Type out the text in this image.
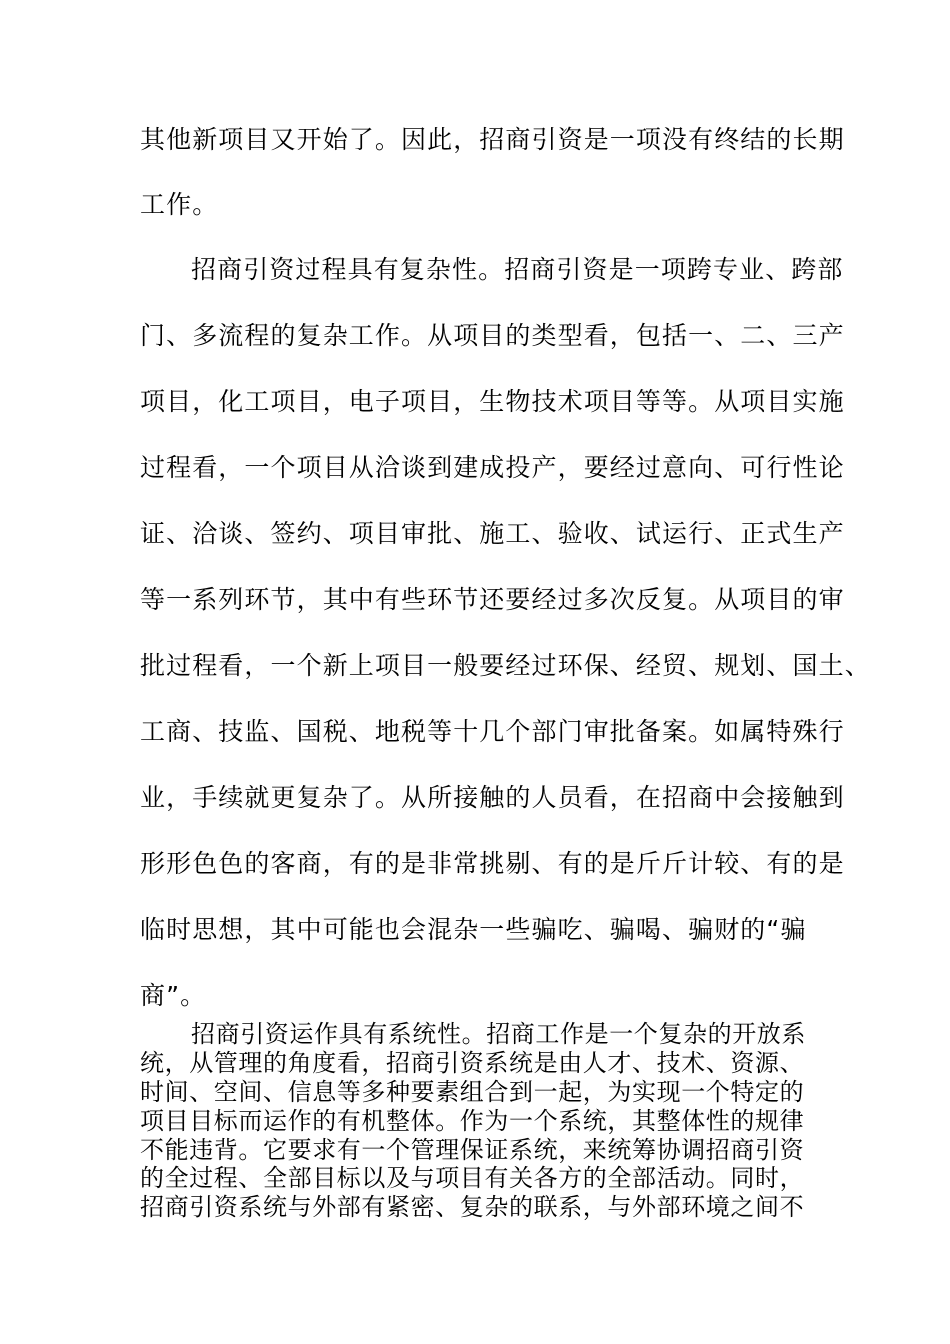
其他新项目又开始了。因此，招商引资是一项没有终结的长期
工作。
招商引资过程具有复杂性。招商引资是一项跨专业、跨部
门、多流程的复杂工作。从项目的类型看，包括一、二、三产
项目，化工项目，电子项目，生物技术项目等等。从项目实施
过程看，一个项目从洽谈到建成投产，要经过意向、可行性论
证、洽谈、签约、项目审批、施工、验收、试运行、正式生产
等一系列环节，其中有些环节还要经过多次反复。从项目的审
批过程看，一个新上项目一般要经过环保、经贸、规划、国土、
工商、技监、国税、地税等十几个部门审批备案。如属特殊行
业，手续就更复杂了。从所接触的人员看，在招商中会接触到
形形色色的客商，有的是非常挑剔、有的是斤斤计较、有的是
临时思想，其中可能也会混杂一些骗吃、骗喝、骗财的“骗
商”。
招商引资运作具有系统性。招商工作是一个复杂的开放系
统，从管理的角度看，招商引资系统是由人才、技术、资源、
时间、空间、信息等多种要素组合到一起，为实现一个特定的
项目目标而运作的有机整体。作为一个系统，其整体性的规律
不能违背。它要求有一个管理保证系统，来统筹协调招商引资
的全过程、全部目标以及与项目有关各方的全部活动。同时，
招商引资系统与外部有紧密、复杂的联系，与外部环境之间不
